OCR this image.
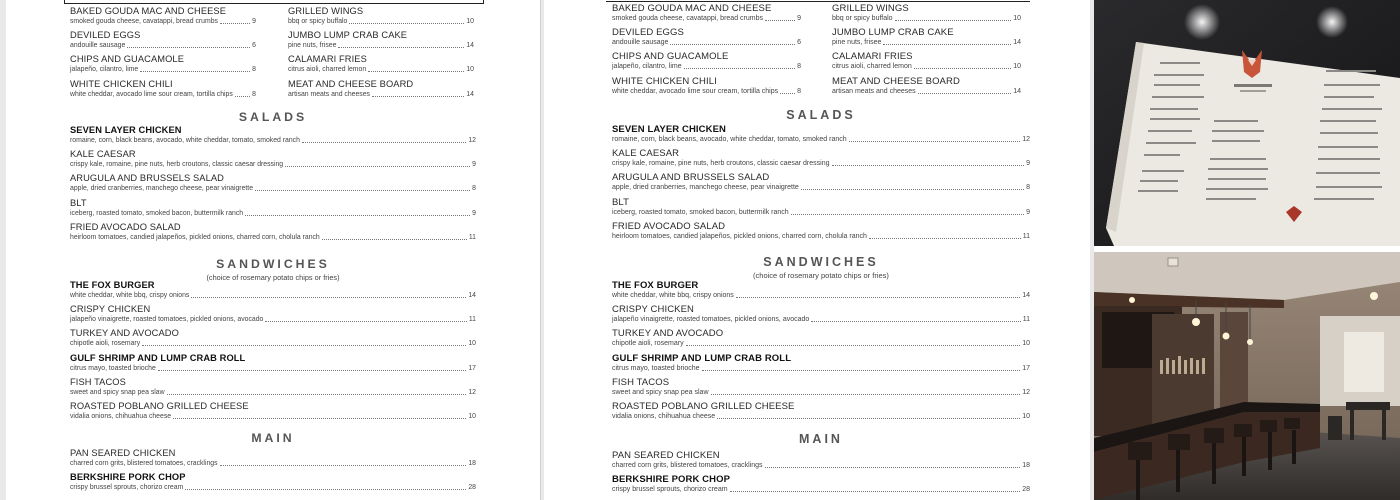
BAKED GOUDA MAC AND CHEESE
smoked gouda cheese, cavatappi, bread crumbs	9
GRILLED WINGS
bbq or spicy buffalo	10
DEVILED EGGS
andouille sausage	6
JUMBO LUMP CRAB CAKE
pine nuts, frisee	14
CHIPS AND GUACAMOLE
jalapeño, cilantro, lime	8
CALAMARI FRIES
citrus aioli, charred lemon	10
WHITE CHICKEN CHILI
white cheddar, avocado lime sour cream, tortilla chips	8
MEAT AND CHEESE BOARD
artisan meats and cheeses	14
SALADS
SEVEN LAYER CHICKEN
romaine, corn, black beans, avocado, white cheddar, tomato, smoked ranch	12
KALE CAESAR
crispy kale, romaine, pine nuts, herb croutons, classic caesar dressing	9
ARUGULA AND BRUSSELS SALAD
apple, dried cranberries, manchego cheese, pear vinaigrette	8
BLT
iceberg, roasted tomato, smoked bacon, buttermilk ranch	9
FRIED AVOCADO SALAD
heirloom tomatoes, candied jalapeños, pickled onions, charred corn, cholula ranch	11
SANDWICHES
(choice of rosemary potato chips or fries)
THE FOX BURGER
white cheddar, white bbq, crispy onions	14
CRISPY CHICKEN
jalapeño vinaigrette, roasted tomatoes, pickled onions, avocado	11
TURKEY AND AVOCADO
chipotle aioli, rosemary	10
GULF SHRIMP AND LUMP CRAB ROLL
citrus mayo, toasted brioche	17
FISH TACOS
sweet and spicy snap pea slaw	12
ROASTED POBLANO GRILLED CHEESE
vidalia onions, chihuahua cheese	10
MAIN
PAN SEARED CHICKEN
charred corn grits, blistered tomatoes, cracklings	18
BERKSHIRE PORK CHOP
crispy brussel sprouts, chorizo cream	28
BAKED GOUDA MAC AND CHEESE
smoked gouda cheese, cavatappi, bread crumbs	9
GRILLED WINGS
bbq or spicy buffalo	10
DEVILED EGGS
andouille sausage	6
JUMBO LUMP CRAB CAKE
pine nuts, frisee	14
CHIPS AND GUACAMOLE
jalapeño, cilantro, lime	8
CALAMARI FRIES
citrus aioli, charred lemon	10
WHITE CHICKEN CHILI
white cheddar, avocado lime sour cream, tortilla chips	8
MEAT AND CHEESE BOARD
artisan meats and cheeses	14
SALADS
SEVEN LAYER CHICKEN
romaine, corn, black beans, avocado, white cheddar, tomato, smoked ranch	12
KALE CAESAR
crispy kale, romaine, pine nuts, herb croutons, classic caesar dressing	9
ARUGULA AND BRUSSELS SALAD
apple, dried cranberries, manchego cheese, pear vinaigrette	8
BLT
iceberg, roasted tomato, smoked bacon, buttermilk ranch	9
FRIED AVOCADO SALAD
heirloom tomatoes, candied jalapeños, pickled onions, charred corn, cholula ranch	11
SANDWICHES
(choice of rosemary potato chips or fries)
THE FOX BURGER
white cheddar, white bbq, crispy onions	14
CRISPY CHICKEN
jalapeño vinaigrette, roasted tomatoes, pickled onions, avocado	11
TURKEY AND AVOCADO
chipotle aioli, rosemary	10
GULF SHRIMP AND LUMP CRAB ROLL
citrus mayo, toasted brioche	17
FISH TACOS
sweet and spicy snap pea slaw	12
ROASTED POBLANO GRILLED CHEESE
vidalia onions, chihuahua cheese	10
MAIN
PAN SEARED CHICKEN
charred corn grits, blistered tomatoes, cracklings	18
BERKSHIRE PORK CHOP
crispy brussel sprouts, chorizo cream	28
